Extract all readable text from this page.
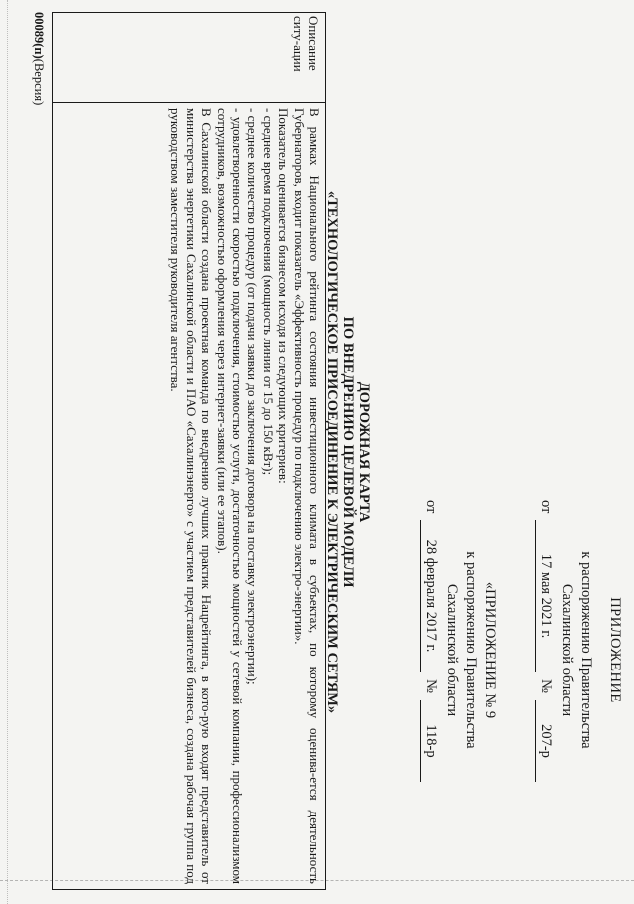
ПРИЛОЖЕНИЕ
к распоряжению Правительства
Сахалинской области
от
17 мая 2021 г.
№
207-р
«ПРИЛОЖЕНИЕ № 9
к распоряжению Правительства
Сахалинской области
от
28 февраля 2017 г.
№
118-р
ДОРОЖНАЯ КАРТА
ПО ВНЕДРЕНИЮ ЦЕЛЕВОЙ МОДЕЛИ
«ТЕХНОЛОГИЧЕСКОЕ ПРИСОЕДИНЕНИЕ К ЭЛЕКТРИЧЕСКИМ СЕТЯМ»
Описание ситу-ации

В рамках Национального рейтинга состояния инвестиционного климата в субъектах, по которому оценива-ется деятельность Губернаторов, входит показатель «Эффективность процедур по подключению электро-энергии».

Показатель оценивается бизнесом исходя из следующих критериев:

- среднее время подключения (мощность линии от 15 до 150 кВт);

- среднее количество процедур (от подачи заявки до заключения договора на поставку электроэнергии);

- удовлетворенности скоростью подключения, стоимостью услуги, достаточностью мощностей у сетевой компании, профессионализмом сотрудников, возможностью оформления через интернет-заявки (или ее этапов).

В Сахалинской области создана проектная команда по внедрению лучших практик Нацрейтинга, в кото-рую входят представитель от министерства энергетики Сахалинской области и ПАО «Сахалинэнерго» с участием представителей бизнеса, создана рабочая группа под руководством заместителя руководителя агентства.

00089(п)(Версия)
